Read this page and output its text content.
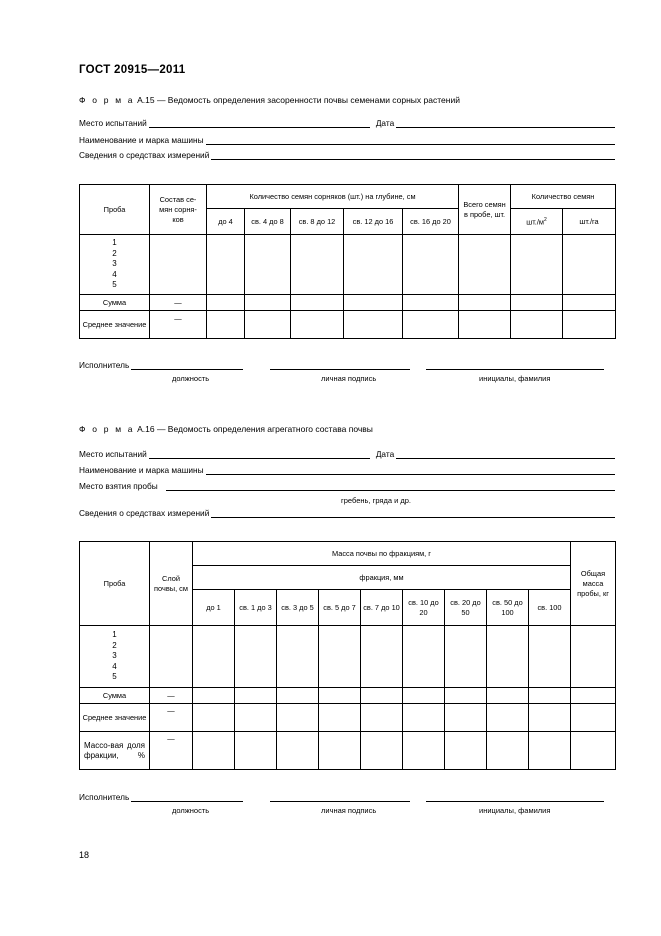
ГОСТ 20915—2011
Ф о р м а А.15 — Ведомость определения засоренности почвы семенами сорных растений
Место испытаний	Дата
Наименование и марка машины
Сведения о средствах измерений
Проба	Состав се-мян сорня-ков	Количество семян сорняков (шт.) на глубине, см					Всего семян в пробе, шт.	Количество семян	
		до 4	св. 4 до 8	св. 8 до 12	св. 12 до 16	св. 16 до 20		$шт./м^2$	шт./га

1
2
3
4
5									

Сумма	—								
Среднее значение	—								
Исполнитель
должность	личная подпись	инициалы, фамилия
Ф о р м а А.16 — Ведомость определения агрегатного состава почвы
Место испытаний	Дата
Наименование и марка машины
Место взятия пробы
гребень, гряда и др.
Сведения о средствах измерений
Проба	Слой почвы, см	Масса почвы по фракциям, г									Общая масса пробы, кг
		фракция, мм									
		до 1	св. 1 до 3	св. 3 до 5	св. 5 до 7	св. 7 до 10	св. 10 до 20	св. 20 до 50	св. 50 до 100	св. 100	

1
2
3
4
5											

Сумма	—										
Среднее значение	—										

Массо-вая доля фракции, %	—										
Исполнитель
должность	личная подпись	инициалы, фамилия
18
